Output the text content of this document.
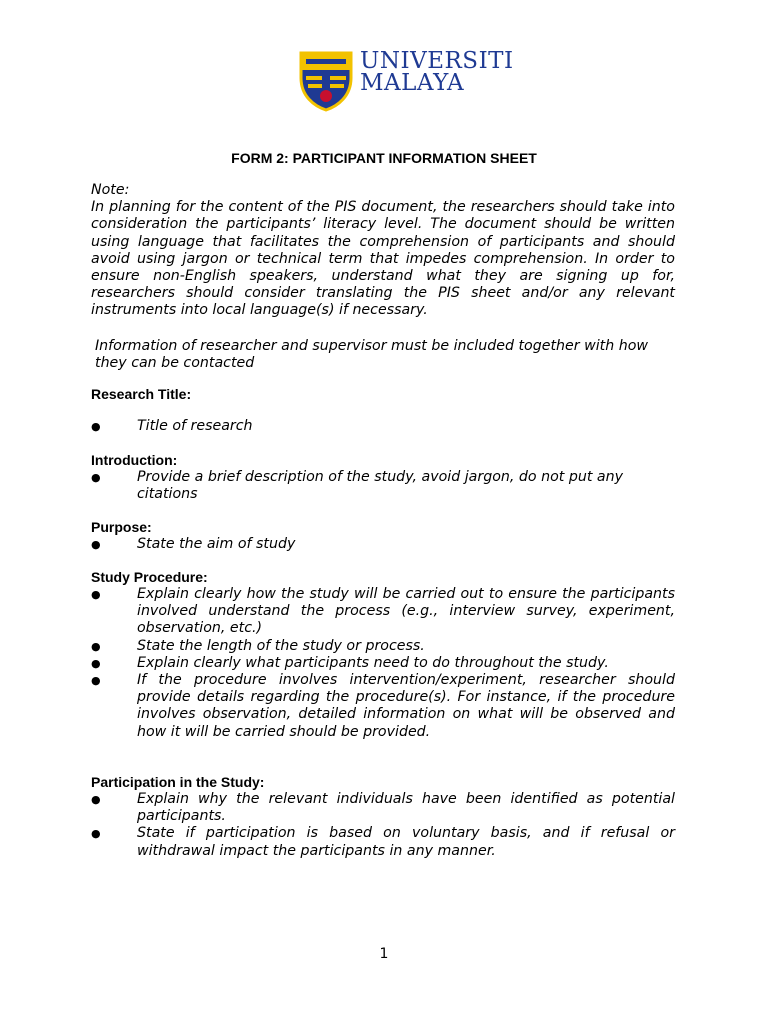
UNIVERSITI
MALAYA
FORM 2: PARTICIPANT INFORMATION SHEET

Note:

In planning for the content of the PIS document, the researchers should take into consideration the participants’ literacy level. The document should be written using language that facilitates the comprehension of participants and should avoid using jargon or technical term that impedes comprehension. In order to ensure non-English speakers, understand what they are signing up for, researchers should consider translating the PIS sheet and/or any relevant instruments into local language(s) if necessary.

Information of researcher and supervisor must be included together with how they can be contacted
Research Title:
●	Title of research
Introduction:
●	Provide a brief description of the study, avoid jargon, do not put any citations
Purpose:
●	State the aim of study
Study Procedure:
●	Explain clearly how the study will be carried out to ensure the participants involved understand the process (e.g., interview survey, experiment, observation, etc.)
●	State the length of the study or process.
●	Explain clearly what participants need to do throughout the study.
●	If the procedure involves intervention/experiment, researcher should provide details regarding the procedure(s). For instance, if the procedure involves observation, detailed information on what will be observed and how it will be carried should be provided.
Participation in the Study:
●	Explain why the relevant individuals have been identified as potential participants.
●	State if participation is based on voluntary basis, and if refusal or withdrawal impact the participants in any manner.
1
